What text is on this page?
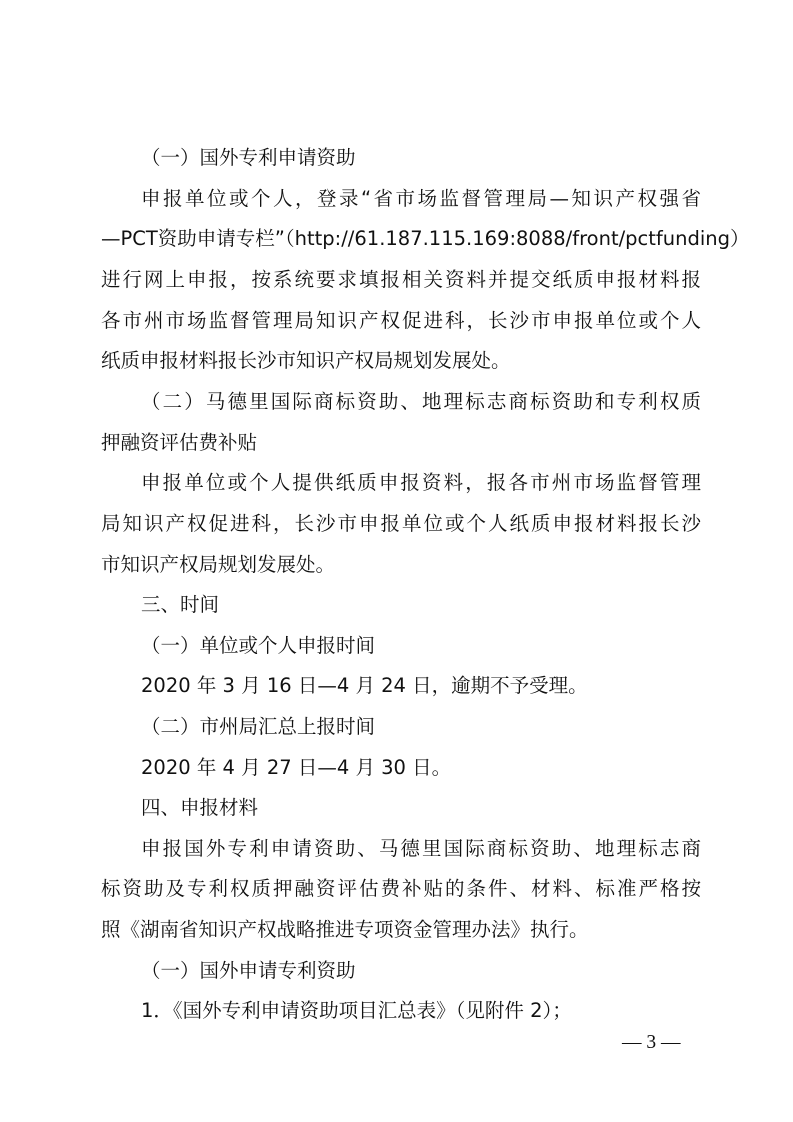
（一）国外专利申请资助
申报单位或个人，登录“省市场监督管理局—知识产权强省
—PCT资助申请专栏”（http://61.187.115.169:8088/front/pctfunding）
进行网上申报，按系统要求填报相关资料并提交纸质申报材料报
各市州市场监督管理局知识产权促进科，长沙市申报单位或个人
纸质申报材料报长沙市知识产权局规划发展处。
（二）马德里国际商标资助、地理标志商标资助和专利权质
押融资评估费补贴
申报单位或个人提供纸质申报资料，报各市州市场监督管理
局知识产权促进科，长沙市申报单位或个人纸质申报材料报长沙
市知识产权局规划发展处。
三、时间
（一）单位或个人申报时间
2020 年 3 月 16 日—4 月 24 日，逾期不予受理。
（二）市州局汇总上报时间
2020 年 4 月 27 日—4 月 30 日。
四、申报材料
申报国外专利申请资助、马德里国际商标资助、地理标志商
标资助及专利权质押融资评估费补贴的条件、材料、标准严格按
照《湖南省知识产权战略推进专项资金管理办法》执行。
（一）国外申请专利资助
1．《国外专利申请资助项目汇总表》（见附件 2）；
— 3 —
